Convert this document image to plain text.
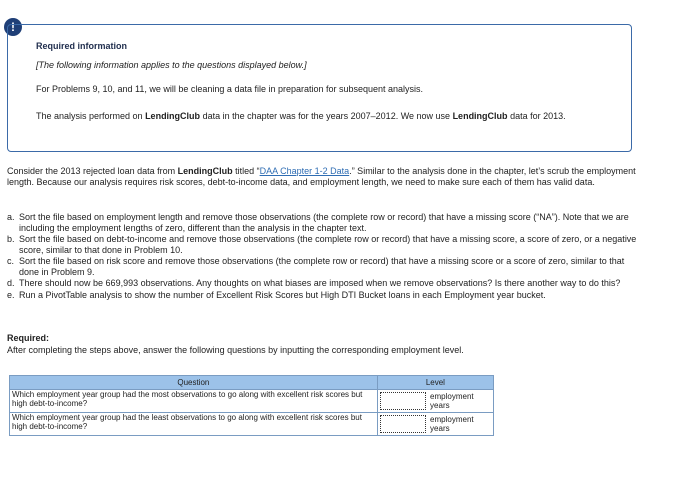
!
Required information

[The following information applies to the questions displayed below.]

For Problems 9, 10, and 11, we will be cleaning a data file in preparation for subsequent analysis.

The analysis performed on LendingClub data in the chapter was for the years 2007–2012. We now use LendingClub data for 2013.

Consider the 2013 rejected loan data from LendingClub titled “DAA Chapter 1-2 Data.” Similar to the analysis done in the chapter, let’s scrub the employment length. Because our analysis requires risk scores, debt-to-income data, and employment length, we need to make sure each of them has valid data.

a. Sort the file based on employment length and remove those observations (the complete row or record) that have a missing score (“NA”). Note that we are including the employment lengths of zero, different than the analysis in the chapter text.
b. Sort the file based on debt-to-income and remove those observations (the complete row or record) that have a missing score, a score of zero, or a negative score, similar to that done in Problem 10.
c. Sort the file based on risk score and remove those observations (the complete row or record) that have a missing score or a score of zero, similar to that done in Problem 9.
d. There should now be 669,993 observations. Any thoughts on what biases are imposed when we remove observations? Is there another way to do this?
e. Run a PivotTable analysis to show the number of Excellent Risk Scores but High DTI Bucket loans in each Employment year bucket.
Required:
After completing the steps above, answer the following questions by inputting the corresponding employment level.
Question	Level
Which employment year group had the most observations to go along with excellent risk scores but high debt-to-income?	employment years

Which employment year group had the least observations to go along with excellent risk scores but high debt-to-income?	employment years
